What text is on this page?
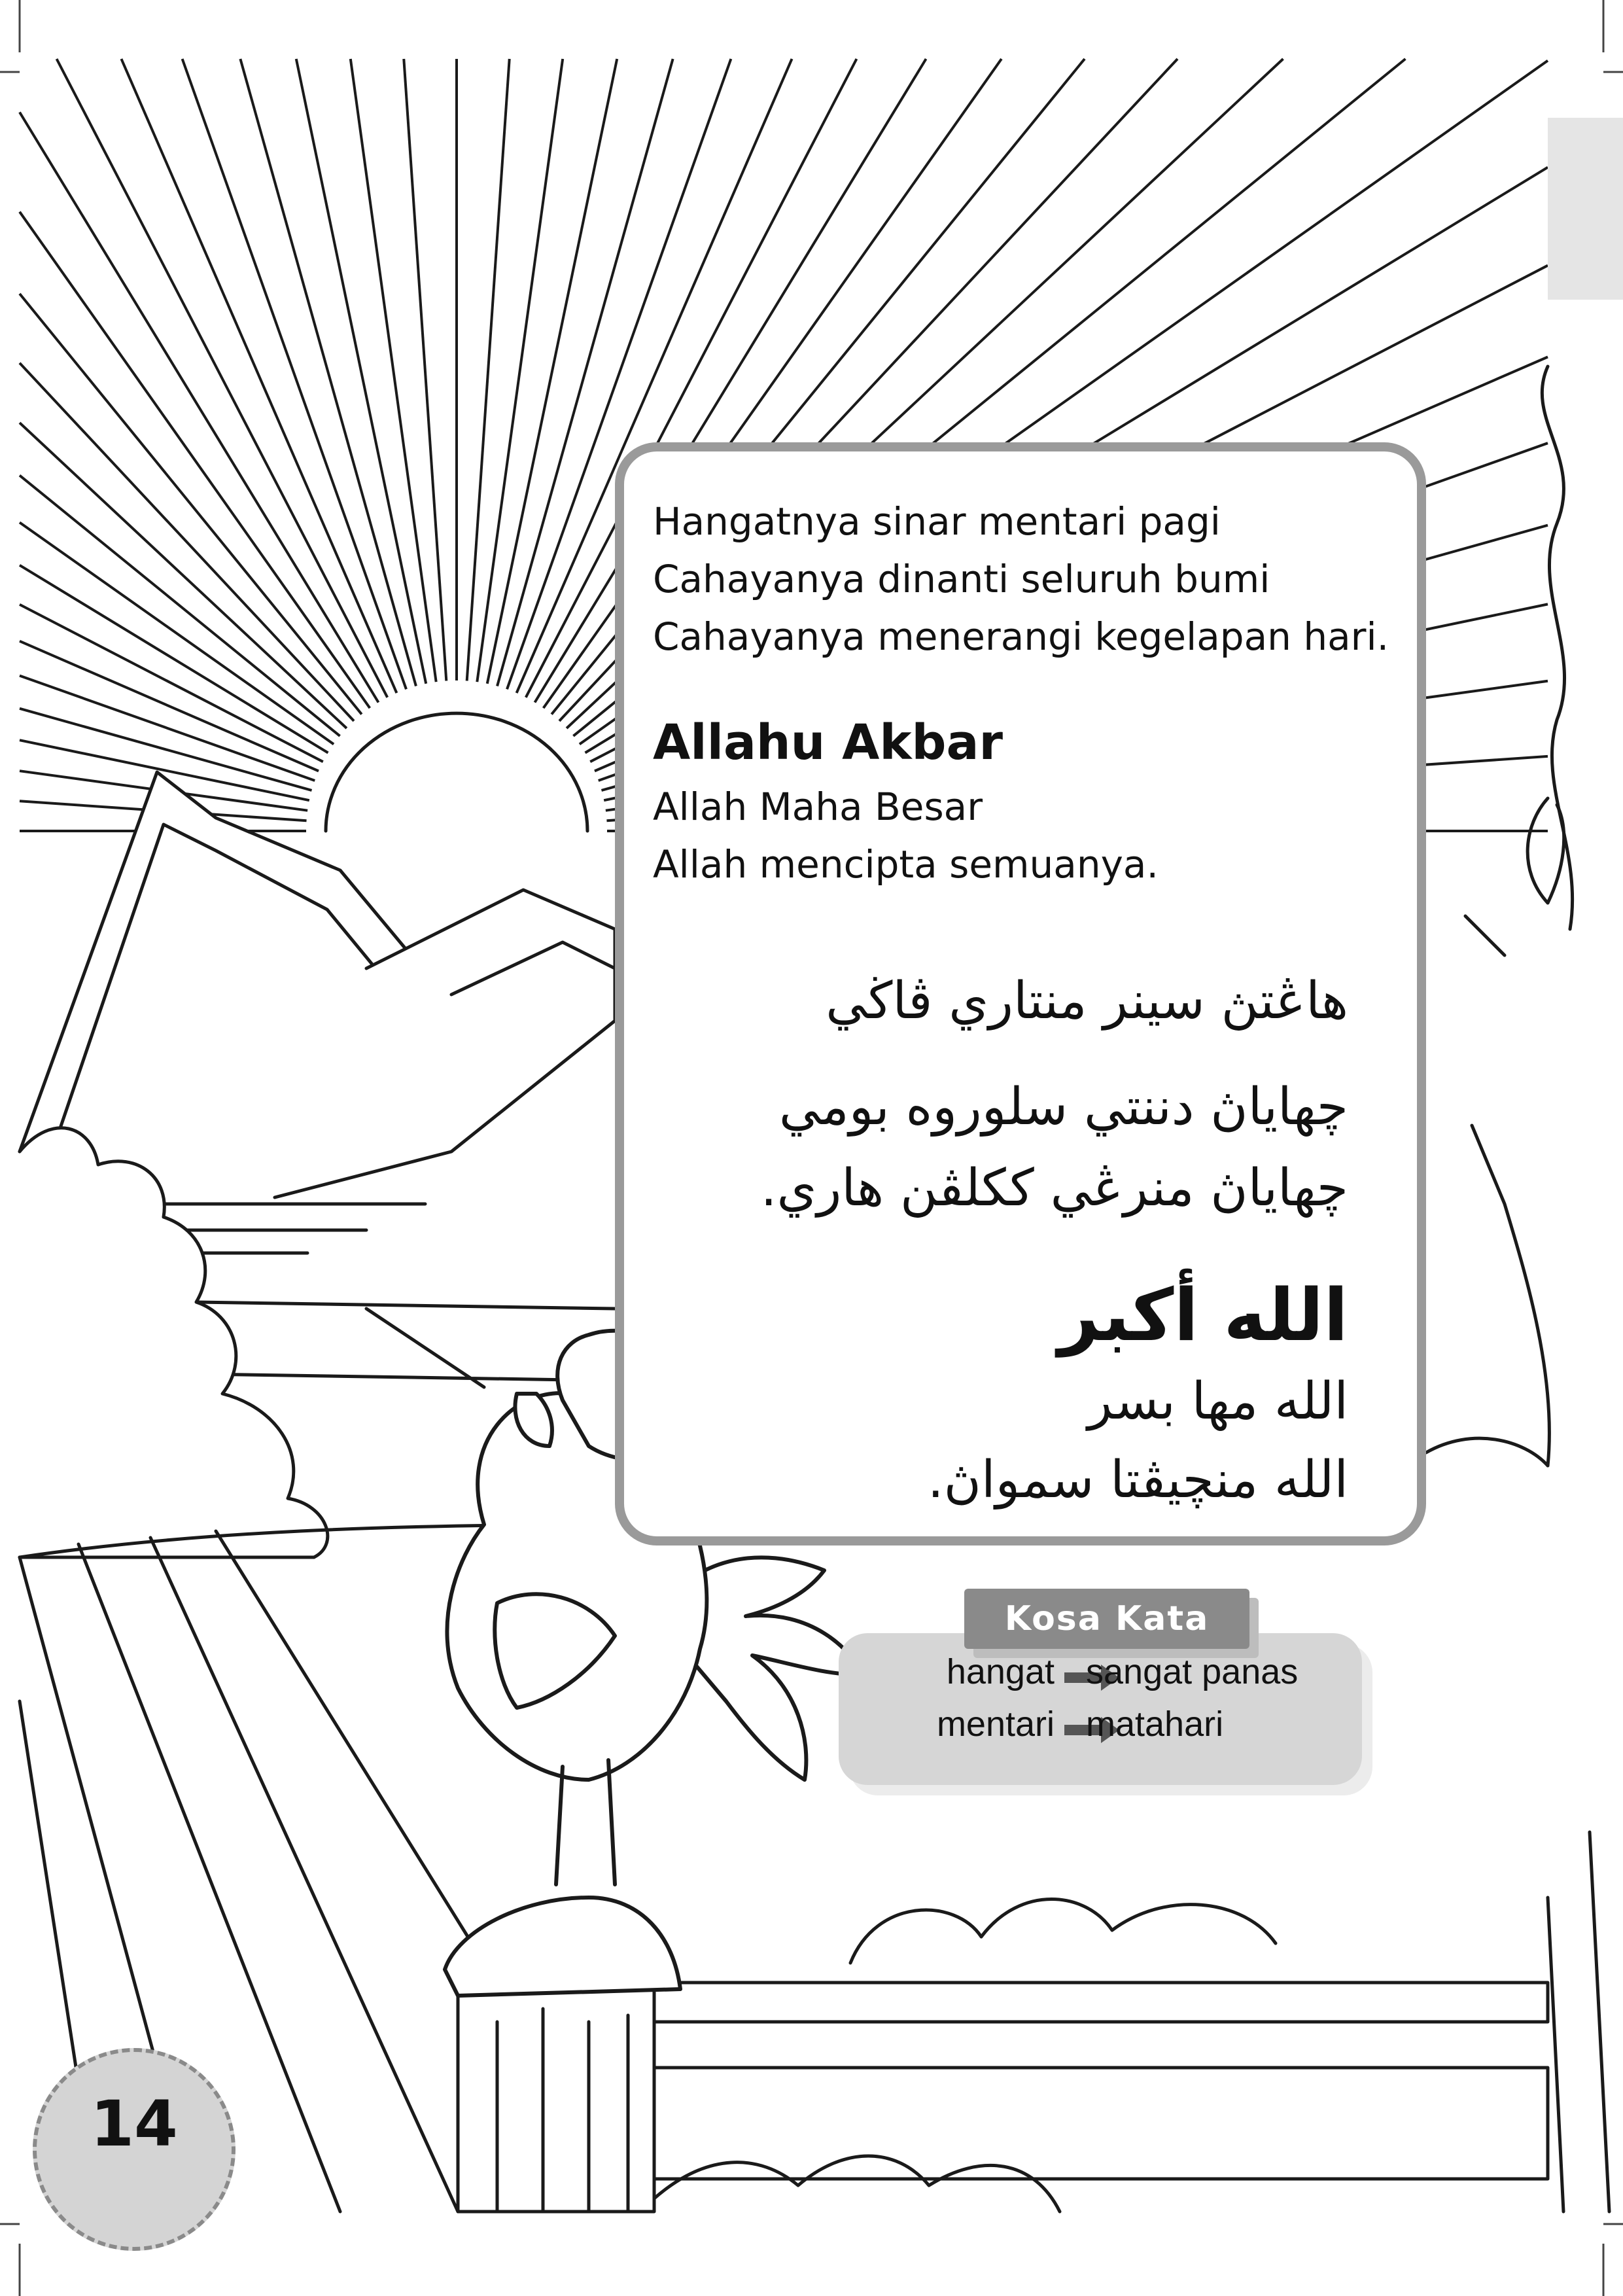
Hangatnya sinar mentari pagi
Cahayanya dinanti seluruh bumi
Cahayanya menerangi kegelapan hari.
Allahu Akbar
Allah Maha Besar
Allah mencipta semuanya.
هاڠتڽ سينر منتاري ڤاڬي
چهاياڽ دننتي سلوروه بومي
چهاياڽ منرڠي ککلڤن هاري.
الله أكبر
الله مها بسر
الله منچيڤتا سمواڽ.
hangat sangat panas
mentari matahari
Kosa Kata
14
